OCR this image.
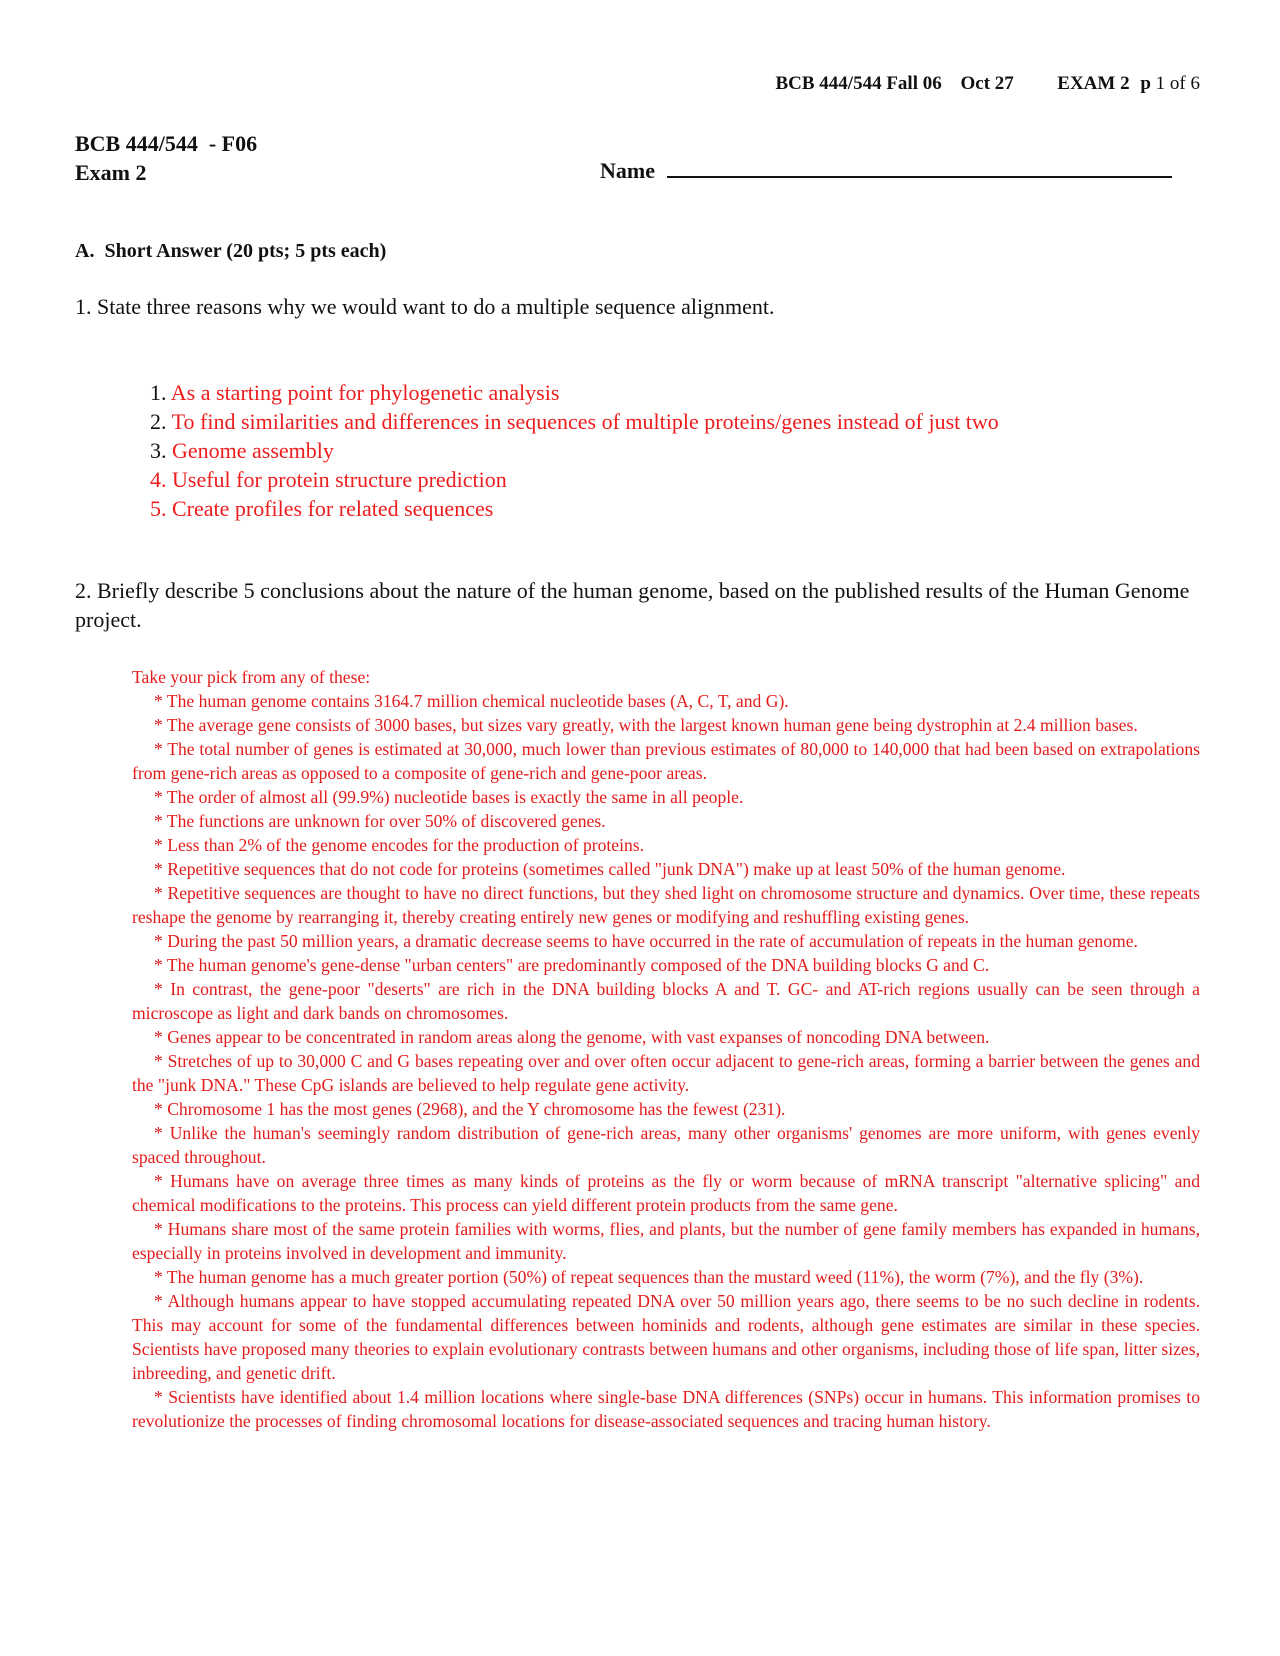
BCB 444/544 Fall 06 Oct 27 EXAM 2 p 1 of 6
BCB 444/544  - F06
Exam 2	Name
A.  Short Answer (20 pts; 5 pts each)
1. State three reasons why we would want to do a multiple sequence alignment.
1. As a starting point for phylogenetic analysis
2. To find similarities and differences in sequences of multiple proteins/genes instead of just two
3. Genome assembly
4. Useful for protein structure prediction
5. Create profiles for related sequences
2. Briefly describe 5 conclusions about the nature of the human genome, based on the published results of the Human Genome project.

Take your pick from any of these:

* The human genome contains 3164.7 million chemical nucleotide bases (A, C, T, and G).

* The average gene consists of 3000 bases, but sizes vary greatly, with the largest known human gene being dystrophin at 2.4 million bases.

* The total number of genes is estimated at 30,000, much lower than previous estimates of 80,000 to 140,000 that had been based on extrapolations from gene-rich areas as opposed to a composite of gene-rich and gene-poor areas.

* The order of almost all (99.9%) nucleotide bases is exactly the same in all people.

* The functions are unknown for over 50% of discovered genes.

* Less than 2% of the genome encodes for the production of proteins.

* Repetitive sequences that do not code for proteins (sometimes called "junk DNA") make up at least 50% of the human genome.

* Repetitive sequences are thought to have no direct functions, but they shed light on chromosome structure and dynamics. Over time, these repeats reshape the genome by rearranging it, thereby creating entirely new genes or modifying and reshuffling existing genes.

* During the past 50 million years, a dramatic decrease seems to have occurred in the rate of accumulation of repeats in the human genome.

* The human genome's gene-dense "urban centers" are predominantly composed of the DNA building blocks G and C.

* In contrast, the gene-poor "deserts" are rich in the DNA building blocks A and T. GC- and AT-rich regions usually can be seen through a microscope as light and dark bands on chromosomes.

* Genes appear to be concentrated in random areas along the genome, with vast expanses of noncoding DNA between.

* Stretches of up to 30,000 C and G bases repeating over and over often occur adjacent to gene-rich areas, forming a barrier between the genes and the "junk DNA." These CpG islands are believed to help regulate gene activity.

* Chromosome 1 has the most genes (2968), and the Y chromosome has the fewest (231).

* Unlike the human's seemingly random distribution of gene-rich areas, many other organisms' genomes are more uniform, with genes evenly spaced throughout.

* Humans have on average three times as many kinds of proteins as the fly or worm because of mRNA transcript "alternative splicing" and chemical modifications to the proteins. This process can yield different protein products from the same gene.

* Humans share most of the same protein families with worms, flies, and plants, but the number of gene family members has expanded in humans, especially in proteins involved in development and immunity.

* The human genome has a much greater portion (50%) of repeat sequences than the mustard weed (11%), the worm (7%), and the fly (3%).

* Although humans appear to have stopped accumulating repeated DNA over 50 million years ago, there seems to be no such decline in rodents. This may account for some of the fundamental differences between hominids and rodents, although gene estimates are similar in these species. Scientists have proposed many theories to explain evolutionary contrasts between humans and other organisms, including those of life span, litter sizes, inbreeding, and genetic drift.

* Scientists have identified about 1.4 million locations where single-base DNA differences (SNPs) occur in humans. This information promises to revolutionize the processes of finding chromosomal locations for disease-associated sequences and tracing human history.
